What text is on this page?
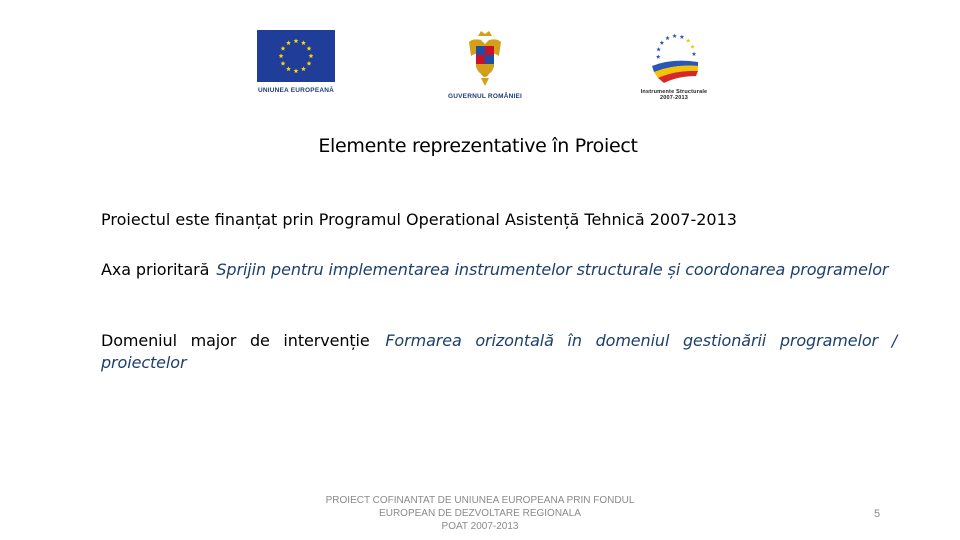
UNIUNEA EUROPEANĂ
GUVERNUL ROMÂNIEI
Instrumente Structurale
2007-2013
Elemente reprezentative în Proiect
Proiectul este finanțat prin Programul Operational Asistență Tehnică 2007-2013
Axa prioritară Sprijin pentru implementarea instrumentelor structurale și coordonarea programelor
Domeniul major de intervenție Formarea orizontală în domeniul gestionării programelor / proiectelor
PROIECT COFINANTAT DE UNIUNEA EUROPEANA PRIN FONDUL
EUROPEAN DE DEZVOLTARE REGIONALA
POAT 2007-2013
5
